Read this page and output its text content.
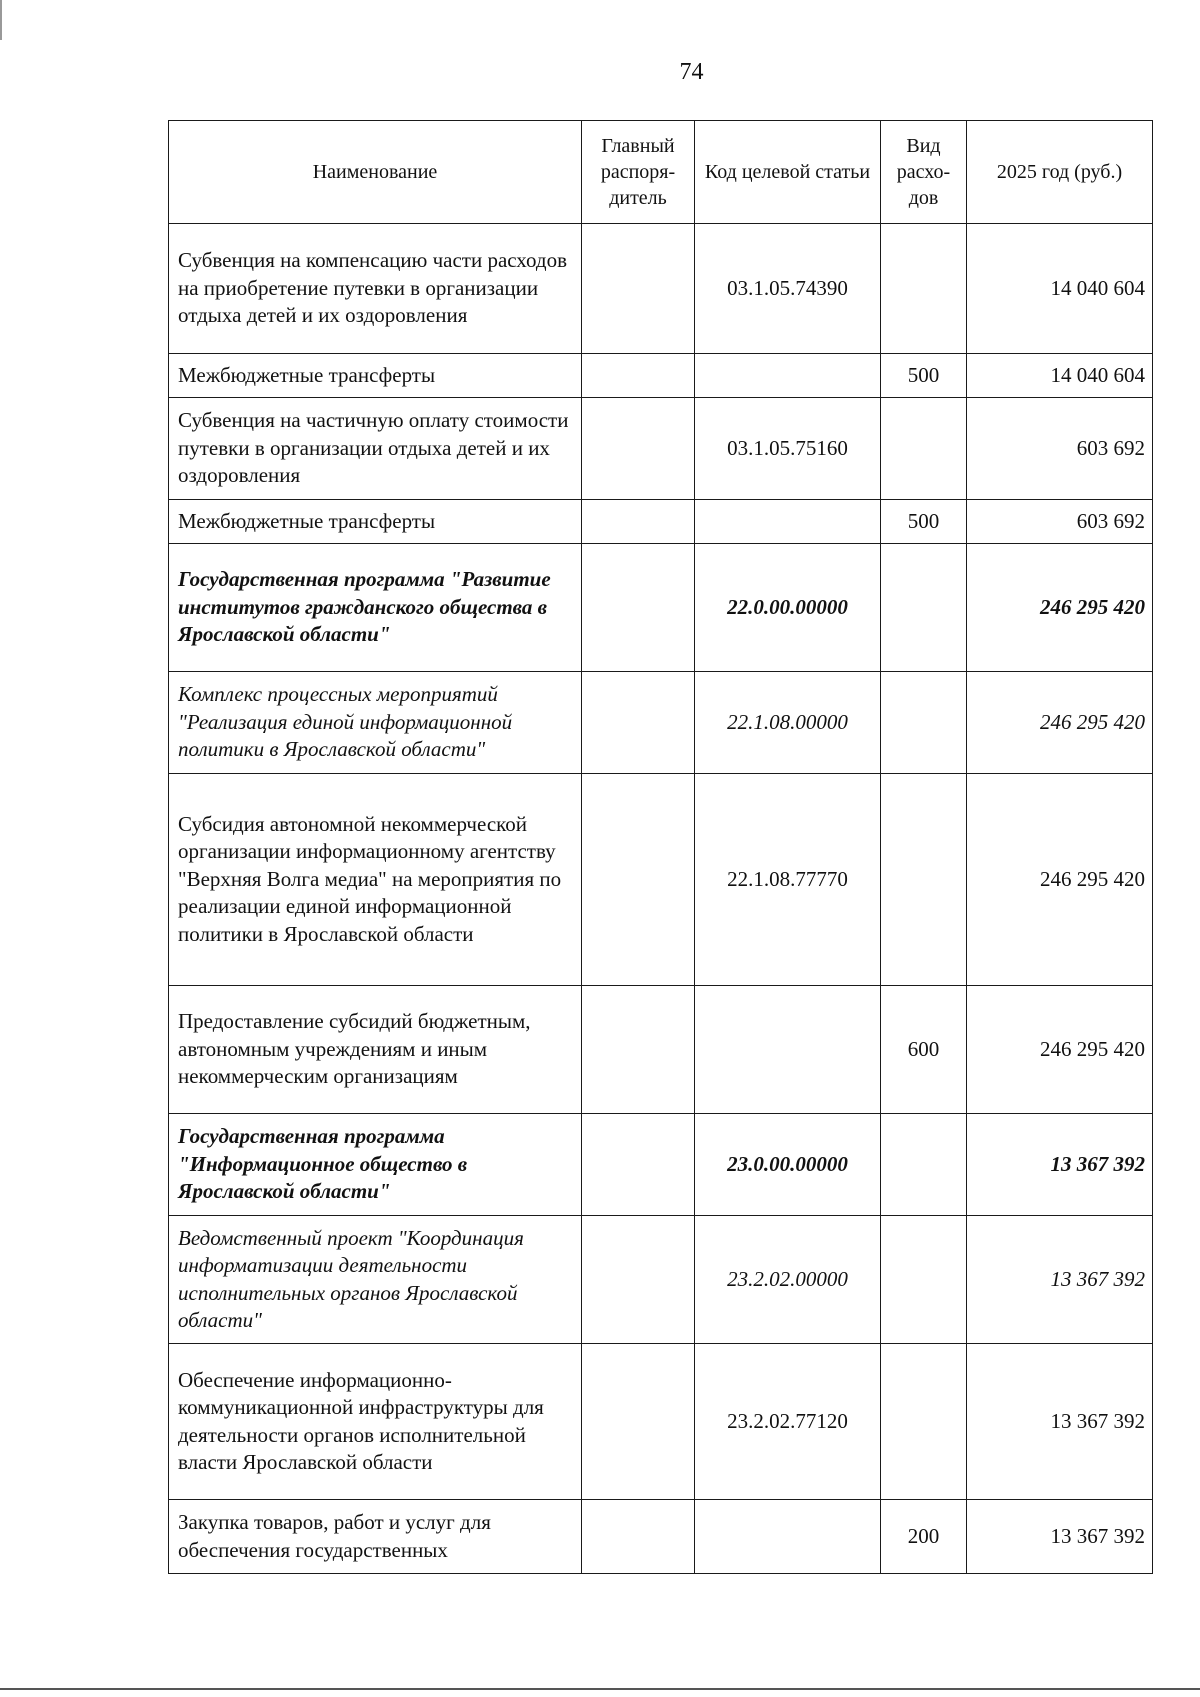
74
Наименование	Главный распоря-дитель	Код целевой статьи	Вид расхо-дов	2025 год (руб.)
Субвенция на компенсацию части расходов на приобретение путевки в организации отдыха детей и их оздоровления		03.1.05.74390		14 040 604
Межбюджетные трансферты			500	14 040 604
Субвенция на частичную оплату стоимости путевки в организации отдыха детей и их оздоровления		03.1.05.75160		603 692
Межбюджетные трансферты			500	603 692
Государственная программа "Развитие институтов гражданского общества в Ярославской области"		22.0.00.00000		246 295 420
Комплекс процессных мероприятий "Реализация единой информационной политики в Ярославской области"		22.1.08.00000		246 295 420
Субсидия автономной некоммерческой организации информационному агентству "Верхняя Волга медиа" на мероприятия по реализации единой информационной политики в Ярославской области		22.1.08.77770		246 295 420
Предоставление субсидий бюджетным, автономным учреждениям и иным некоммерческим организациям			600	246 295 420
Государственная программа "Информационное общество в Ярославской области"		23.0.00.00000		13 367 392
Ведомственный проект "Координация информатизации деятельности исполнительных органов Ярославской области"		23.2.02.00000		13 367 392
Обеспечение информационно-коммуникационной инфраструктуры для деятельности органов исполнительной власти Ярославской области		23.2.02.77120		13 367 392
Закупка товаров, работ и услуг для обеспечения государственных			200	13 367 392
